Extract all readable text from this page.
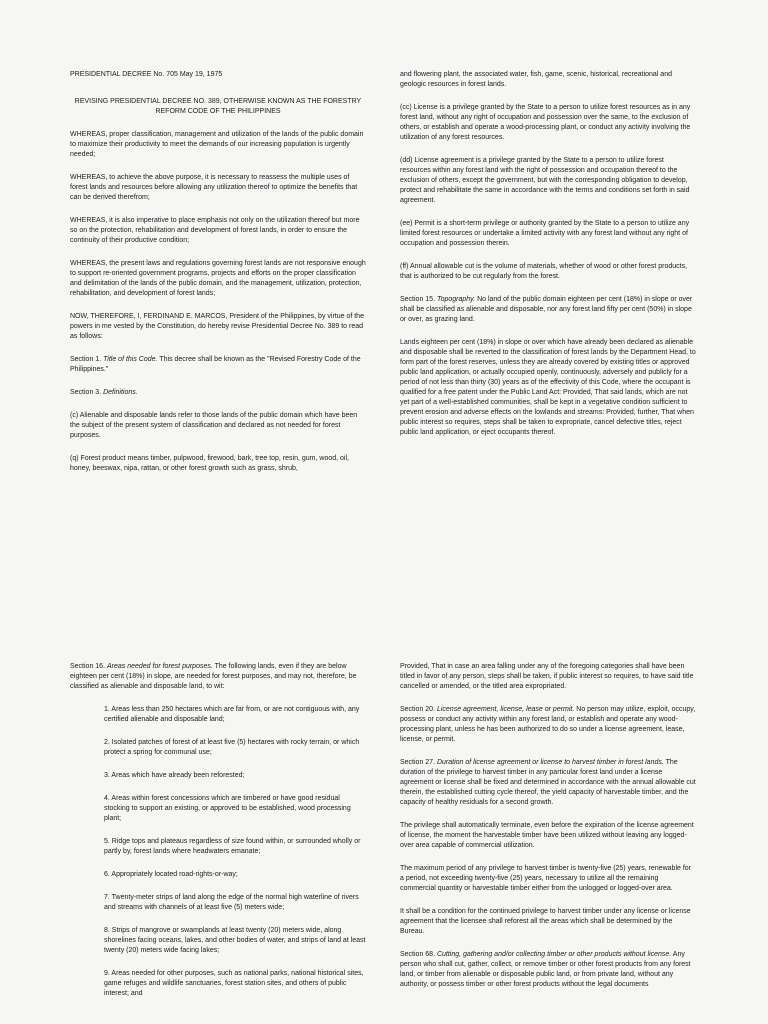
PRESIDENTIAL DECREE No. 705 May 19, 1975

REVISING PRESIDENTIAL DECREE NO. 389, OTHERWISE KNOWN AS THE FORESTRY REFORM CODE OF THE PHILIPPINES

WHEREAS, proper classification, management and utilization of the lands of the public domain to maximize their productivity to meet the demands of our increasing population is urgently needed;

WHEREAS, to achieve the above purpose, it is necessary to reassess the multiple uses of forest lands and resources before allowing any utilization thereof to optimize the benefits that can be derived therefrom;

WHEREAS, it is also imperative to place emphasis not only on the utilization thereof but more so on the protection, rehabilitation and development of forest lands, in order to ensure the continuity of their productive condition;

WHEREAS, the present laws and regulations governing forest lands are not responsive enough to support re-oriented government programs, projects and efforts on the proper classification and delimitation of the lands of the public domain, and the management, utilization, protection, rehabilitation, and development of forest lands;

NOW, THEREFORE, I, FERDINAND E. MARCOS, President of the Philippines, by virtue of the powers in me vested by the Constitution, do hereby revise Presidential Decree No. 389 to read as follows:

Section 1. Title of this Code. This decree shall be known as the "Revised Forestry Code of the Philippines."

Section 3. Definitions.

(c) Alienable and disposable lands refer to those lands of the public domain which have been the subject of the present system of classification and declared as not needed for forest purposes.

(q) Forest product means timber, pulpwood, firewood, bark, tree top, resin, gum, wood, oil, honey, beeswax, nipa, rattan, or other forest growth such as grass, shrub,

and flowering plant, the associated water, fish, game, scenic, historical, recreational and geologic resources in forest lands.

(cc) License is a privilege granted by the State to a person to utilize forest resources as in any forest land, without any right of occupation and possession over the same, to the exclusion of others, or establish and operate a wood-processing plant, or conduct any activity involving the utilization of any forest resources.

(dd) License agreement is a privilege granted by the State to a person to utilize forest resources within any forest land with the right of possession and occupation thereof to the exclusion of others, except the government, but with the corresponding obligation to develop, protect and rehabilitate the same in accordance with the terms and conditions set forth in said agreement.

(ee) Permit is a short-term privilege or authority granted by the State to a person to utilize any limited forest resources or undertake a limited activity with any forest land without any right of occupation and possession therein.

(ff) Annual allowable cut is the volume of materials, whether of wood or other forest products, that is authorized to be cut regularly from the forest.

Section 15. Topography. No land of the public domain eighteen per cent (18%) in slope or over shall be classified as alienable and disposable, nor any forest land fifty per cent (50%) in slope or over, as grazing land.

Lands eighteen per cent (18%) in slope or over which have already been declared as alienable and disposable shall be reverted to the classification of forest lands by the Department Head, to form part of the forest reserves, unless they are already covered by existing titles or approved public land application, or actually occupied openly, continuously, adversely and publicly for a period of not less than thirty (30) years as of the effectivity of this Code, where the occupant is qualified for a free patent under the Public Land Act: Provided, That said lands, which are not yet part of a well-established communities, shall be kept in a vegetative condition sufficient to prevent erosion and adverse effects on the lowlands and streams: Provided, further, That when public interest so requires, steps shall be taken to expropriate, cancel defective titles, reject public land application, or eject occupants thereof.

Section 16. Areas needed for forest purposes. The following lands, even if they are below eighteen per cent (18%) in slope, are needed for forest purposes, and may not, therefore, be classified as alienable and disposable land, to wit:

1. Areas less than 250 hectares which are far from, or are not contiguous with, any certified alienable and disposable land;

2. Isolated patches of forest of at least five (5) hectares with rocky terrain, or which protect a spring for communal use;

3. Areas which have already been reforested;

4. Areas within forest concessions which are timbered or have good residual stocking to support an existing, or approved to be established, wood processing plant;

5. Ridge tops and plateaus regardless of size found within, or surrounded wholly or partly by, forest lands where headwaters emanate;

6. Appropriately located road-rights-or-way;

7. Twenty-meter strips of land along the edge of the normal high waterline of rivers and streams with channels of at least five (5) meters wide;

8. Strips of mangrove or swamplands at least twenty (20) meters wide, along shorelines facing oceans, lakes, and other bodies of water, and strips of land at least twenty (20) meters wide facing lakes;

9. Areas needed for other purposes, such as national parks, national historical sites, game refuges and wildlife sanctuaries, forest station sites, and others of public interest; and

Provided, That in case an area falling under any of the foregoing categories shall have been titled in favor of any person, steps shall be taken, if public interest so requires, to have said title cancelled or amended, or the titled area expropriated.

Section 20. License agreement, license, lease or permit. No person may utilize, exploit, occupy, possess or conduct any activity within any forest land, or establish and operate any wood-processing plant, unless he has been authorized to do so under a license agreement, lease, license, or permit.

Section 27. Duration of license agreement or license to harvest timber in forest lands. The duration of the privilege to harvest timber in any particular forest land under a license agreement or license shall be fixed and determined in accordance with the annual allowable cut therein, the established cutting cycle thereof, the yield capacity of harvestable timber, and the capacity of healthy residuals for a second growth.

The privilege shall automatically terminate, even before the expiration of the license agreement of license, the moment the harvestable timber have been utilized without leaving any logged-over area capable of commercial utilization.

The maximum period of any privilege to harvest timber is twenty-five (25) years, renewable for a period, not exceeding twenty-five (25) years, necessary to utilize all the remaining commercial quantity or harvestable timber either from the unlogged or logged-over area.

It shall be a condition for the continued privilege to harvest timber under any license or license agreement that the licensee shall reforest all the areas which shall be determined by the Bureau.

Section 68. Cutting, gathering and/or collecting timber or other products without license. Any person who shall cut, gather, collect, or remove timber or other forest products from any forest land, or timber from alienable or disposable public land, or from private land, without any authority, or possess timber or other forest products without the legal documents
